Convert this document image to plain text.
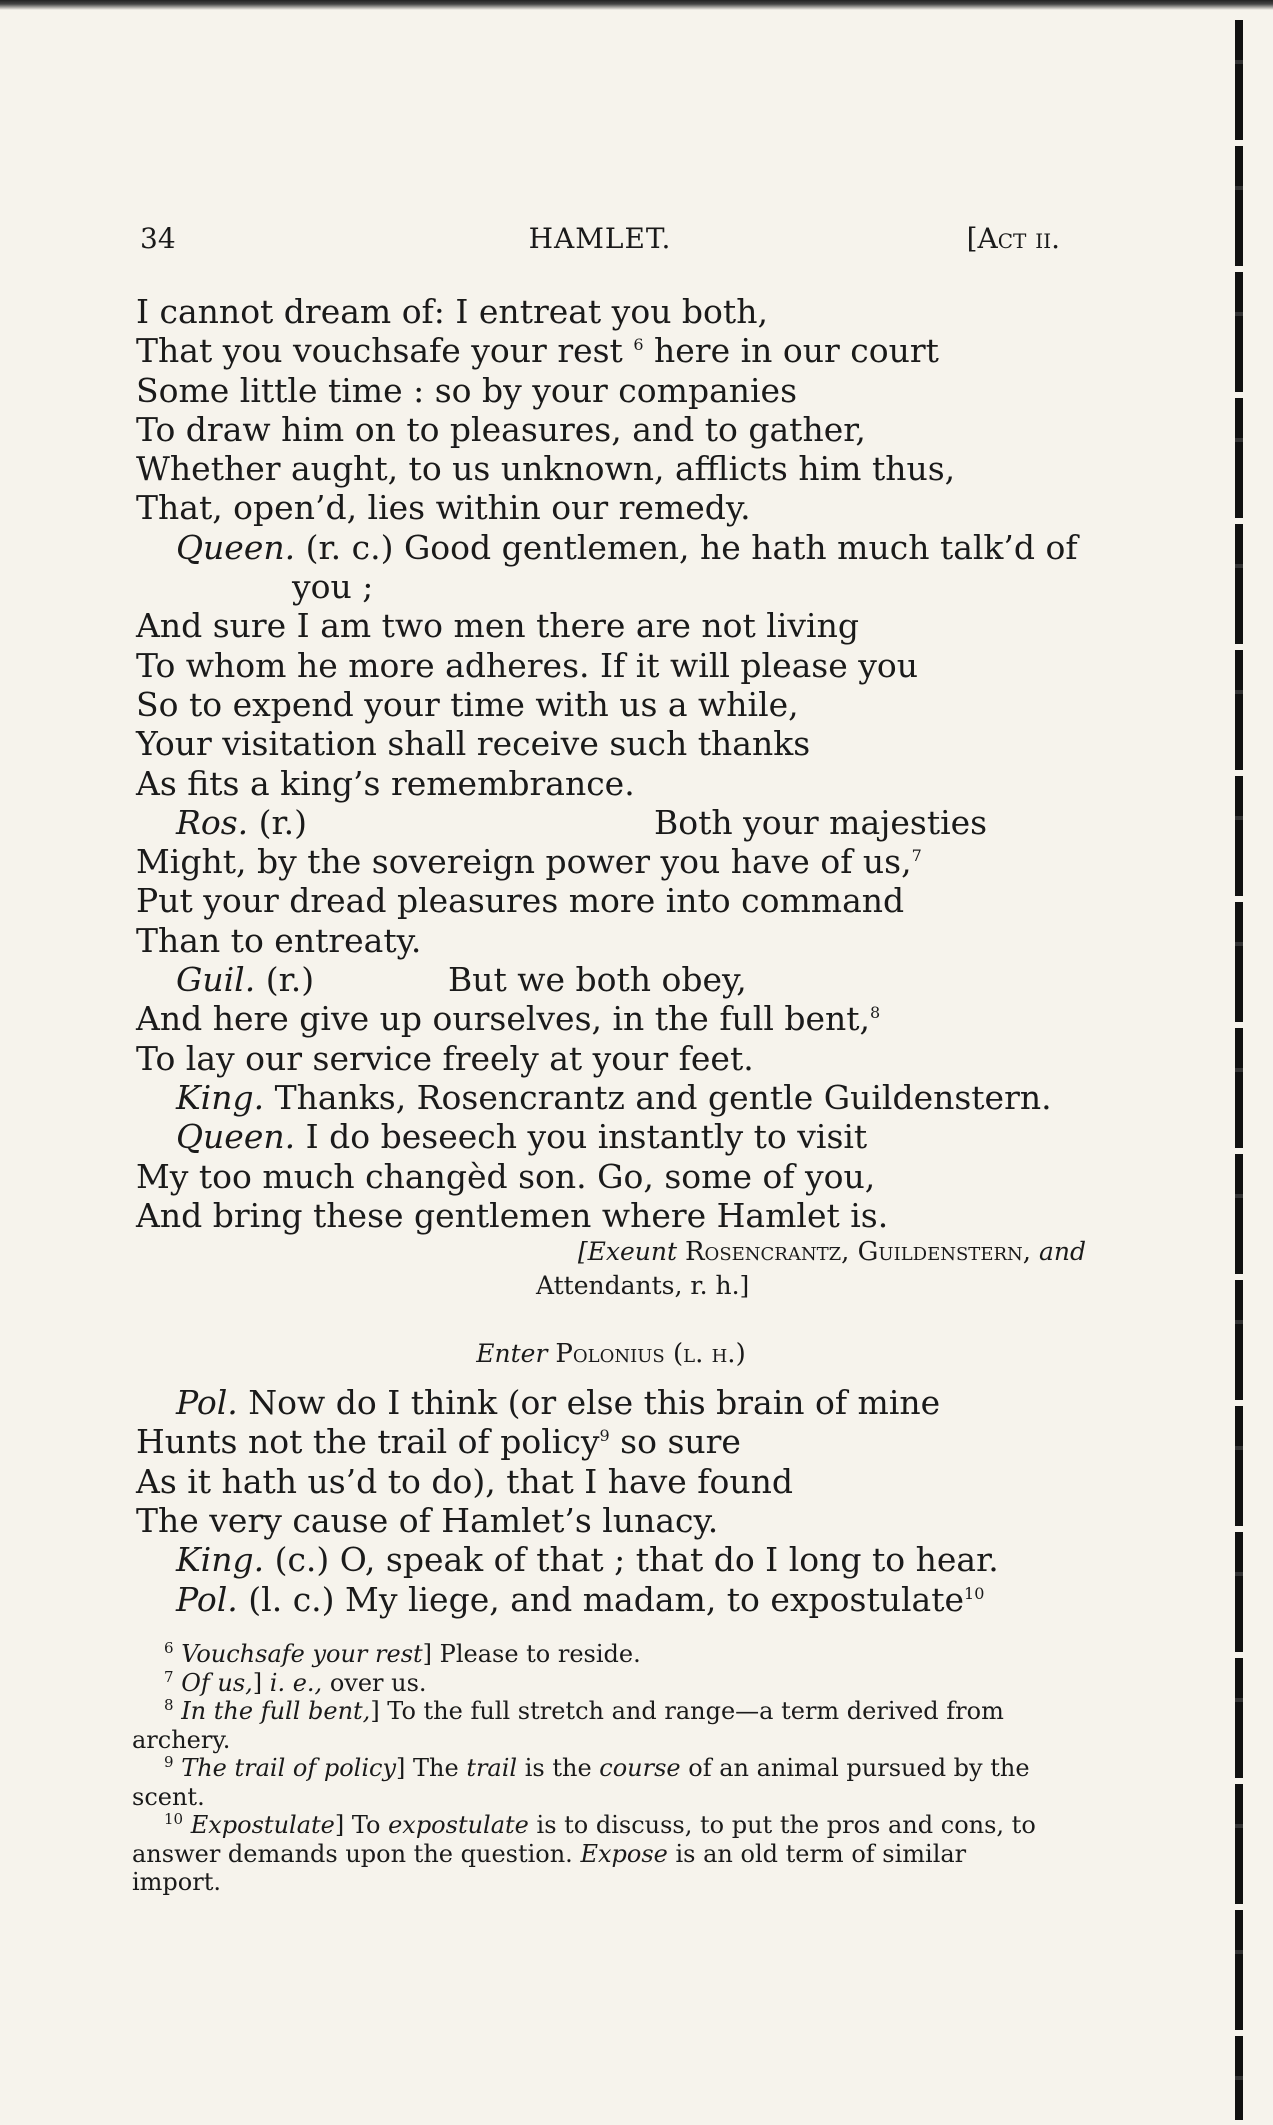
34	HAMLET.	[Act ii.
I cannot dream of: I entreat you both,
That you vouchsafe your rest $^6$ here in our court
Some little time : so by your companies
To draw him on to pleasures, and to gather,
Whether aught, to us unknown, afflicts him thus,
That, open’d, lies within our remedy.
Queen. (r. c.) Good gentlemen, he hath much talk’d of
you ;
And sure I am two men there are not living
To whom he more adheres. If it will please you
So to expend your time with us a while,
Your visitation shall receive such thanks
As fits a king’s remembrance.
Ros. (r.)	Both your majesties
Might, by the sovereign power you have of us,$^7$
Put your dread pleasures more into command
Than to entreaty.
Guil. (r.)	But we both obey,
And here give up ourselves, in the full bent,$^8$
To lay our service freely at your feet.
King. Thanks, Rosencrantz and gentle Guildenstern.
Queen. I do beseech you instantly to visit
My too much changèd son. Go, some of you,
And bring these gentlemen where Hamlet is.
[Exeunt Rosencrantz, Guildenstern, and
Attendants, r. h.]
Enter Polonius (l. h.)
Pol. Now do I think (or else this brain of mine
Hunts not the trail of policy$^9$ so sure
As it hath us’d to do), that I have found
The very cause of Hamlet’s lunacy.
King. (c.) O, speak of that ; that do I long to hear.
Pol. (l. c.) My liege, and madam, to expostulate$^{10}$

$^6$ Vouchsafe your rest] Please to reside.

$^7$ Of us,] i. e., over us.

$^8$ In the full bent,] To the full stretch and range—a term derived from archery.

$^9$ The trail of policy] The trail is the course of an animal pursued by the scent.

$^{10}$ Expostulate] To expostulate is to discuss, to put the pros and cons, to answer demands upon the question. Expose is an old term of similar import.
